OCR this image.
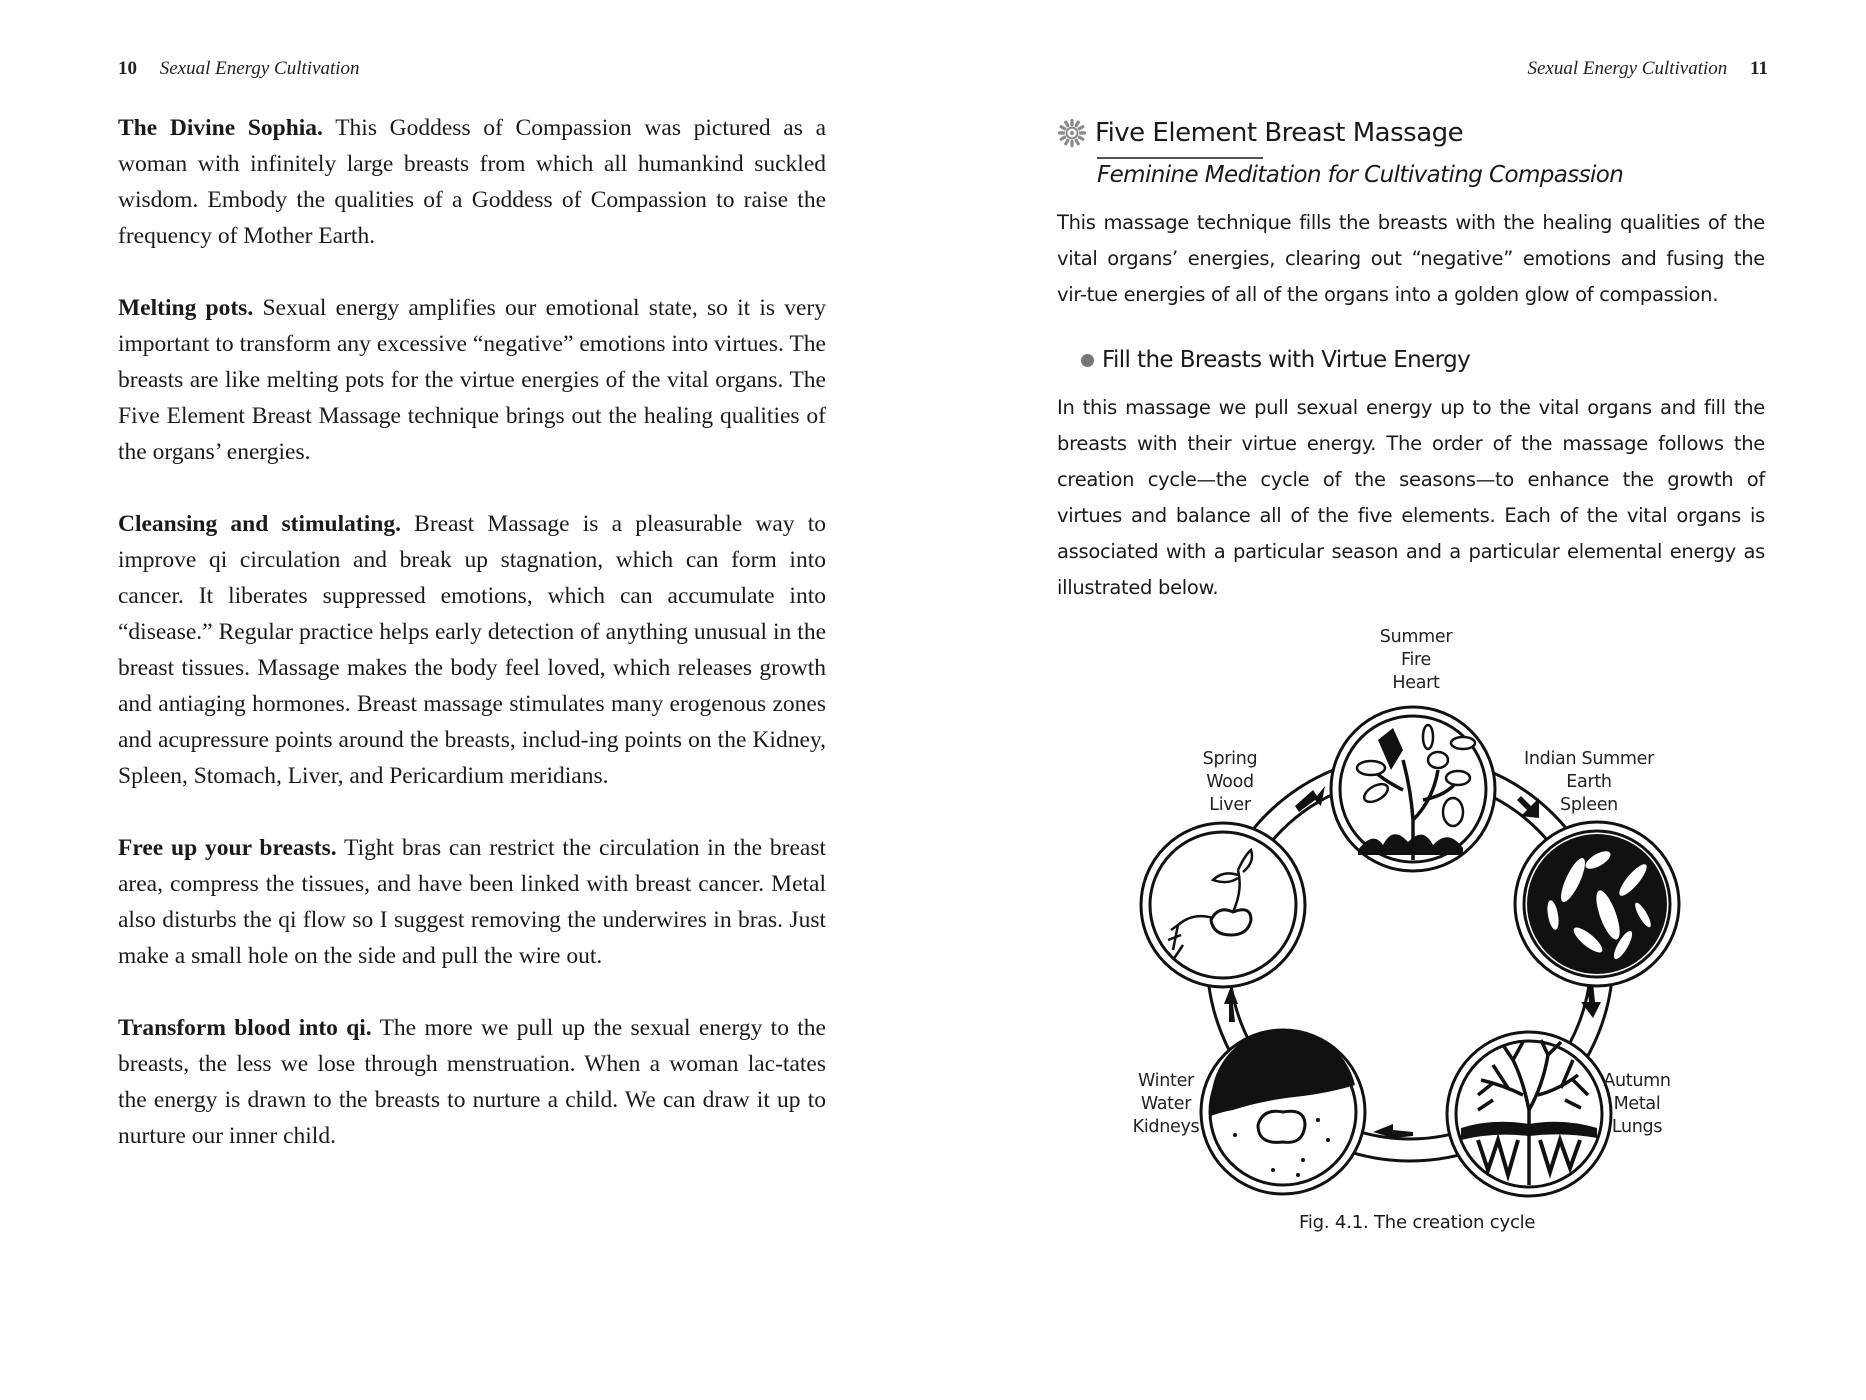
10 Sexual Energy Cultivation

The Divine Sophia. This Goddess of Compassion was pictured as a woman with infinitely large breasts from which all humankind suckled wisdom. Embody the qualities of a Goddess of Compassion to raise the frequency of Mother Earth.

Melting pots. Sexual energy amplifies our emotional state, so it is very important to transform any excessive “negative” emotions into virtues. The breasts are like melting pots for the virtue energies of the vital organs. The Five Element Breast Massage technique brings out the healing qualities of the organs’ energies.

Cleansing and stimulating. Breast Massage is a pleasurable way to improve qi circulation and break up stagnation, which can form into cancer. It liberates suppressed emotions, which can accumulate into “disease.” Regular practice helps early detection of anything unusual in the breast tissues. Massage makes the body feel loved, which releases growth and antiaging hormones. Breast massage stimulates many erogenous zones and acupressure points around the breasts, includ-ing points on the Kidney, Spleen, Stomach, Liver, and Pericardium meridians.

Free up your breasts. Tight bras can restrict the circulation in the breast area, compress the tissues, and have been linked with breast cancer. Metal also disturbs the qi flow so I suggest removing the underwires in bras. Just make a small hole on the side and pull the wire out.

Transform blood into qi. The more we pull up the sexual energy to the breasts, the less we lose through menstruation. When a woman lac-tates the energy is drawn to the breasts to nurture a child. We can draw it up to nurture our inner child.

Sexual Energy Cultivation 11
Five Element Breast Massage
Feminine Meditation for Cultivating Compassion

This massage technique fills the breasts with the healing qualities of the vital organs’ energies, clearing out “negative” emotions and fusing the vir-tue energies of all of the organs into a golden glow of compassion.

Fill the Breasts with Virtue Energy

In this massage we pull sexual energy up to the vital organs and fill the breasts with their virtue energy. The order of the massage follows the creation cycle—the cycle of the seasons—to enhance the growth of virtues and balance all of the five elements. Each of the vital organs is associated with a particular season and a particular elemental energy as illustrated below.

Summer
Fire
Heart
Indian Summer
Earth
Spleen
Autumn
Metal
Lungs
Winter
Water
Kidneys
Spring
Wood
Liver
Fig. 4.1. The creation cycle
